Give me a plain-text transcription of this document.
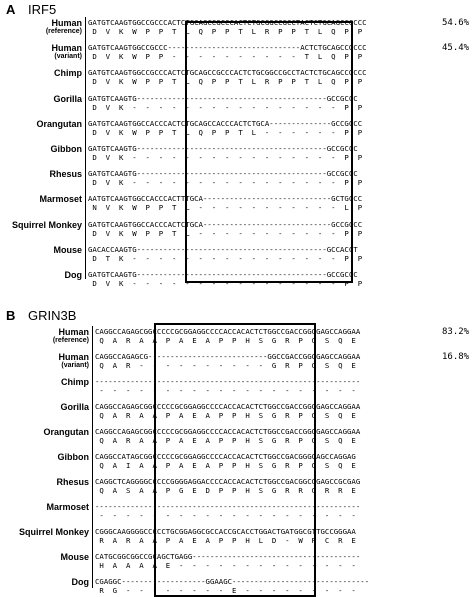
A IRF5
Human
(reference)
GATGTCAAGTGGCCGCCCACTCTGCAGCCGCCCACTCTGCGGCCGCCTACTCTGCAGCCGCCC
D  V  K  W  P  P  T  L  Q  P  P  T  L  R  P  P  T  L  Q  P  P
54.6%
Human
(variant)
GATGTCAAGTGGCCGCCC------------------------------ACTCTGCAGCCGCCC
D  V  K  W  P  P  -  -  -  -  -  -  -  -  -  -  T  L  Q  P  P
45.4%
Chimp GATGTCAAGTGGCCGCCCACTCTGCAGCCGCCCACTCTGCGGCCGCCTACTCTGCAGCCGCCC
D  V  K  W  P  P  T  L  Q  P  P  T  L  R  P  P  T  L  Q  P  P
Gorilla GATGTCAAGTG-------------------------------------------GCCGCCC
D  V  K  -  -  -  -  -  -  -  -  -  -  -  -  -  -  -  -  P  P
Orangutan GATGTCAAGTGGCCACCCACTCTGCAGCCACCCACTCTGCA--------------GCCGCCC
D  V  K  W  P  P  T  L  Q  P  P  T  L  -  -  -  -  -  -  P  P
Gibbon GATGTCAAGTG-------------------------------------------GCCGCCC
D  V  K  -  -  -  -  -  -  -  -  -  -  -  -  -  -  -  -  P  P
Rhesus GATGTCAAGTG-------------------------------------------GCCGCCC
D  V  K  -  -  -  -  -  -  -  -  -  -  -  -  -  -  -  -  P  P
Marmoset AATGTCAAGTGGCCACCCACTTTGCA-----------------------------GCTGCCC
N  V  K  W  P  P  T  L  -  -  -  -  -  -  -  -  -  -  -  L  P
Squirrel Monkey GATGTCAAGTGGCCACCCACTCTGCA-----------------------------GCCGCCC
D  V  K  W  P  P  T  L  -  -  -  -  -  -  -  -  -  -  -  P  P
Mouse GACACCAAGTG-------------------------------------------GCCACCT
D  T  K  -  -  -  -  -  -  -  -  -  -  -  -  -  -  -  -  P  P
Dog GATGTCAAGTG-------------------------------------------GCCGCCC
D  V  K  -  -  -  -  -  -  -  -  -  -  -  -  -  -  -  -  P  P
B GRIN3B
Human
(reference)
CAGGCCAGAGCGGCCCCCGCGGAGGCCCCACCACACTCTGGCCGACCGGGGAGCCAGGAA
Q  A  R  A  A  P  A  E  A  P  P  H  S  G  R  P  G  S  Q  E
83.2%
Human
(variant)
CAGGCCAGAGCG---------------------------GGCCGACCGGGGAGCCAGGAA
Q  A  R  -  -  -  -  -  -  -  -  -  -  G  R  P  G  S  Q  E
16.8%
Chimp ------------------------------------------------------------
-  -  -  -  -  -  -  -  -  -  -  -  -  -  -  -  -  -  -  -
Gorilla CAGGCCAGAGCGGCCCCCGCGGAGGCCCCACCACACTCTGGCCGACCGGGGAGCCAGGAA
Q  A  R  A  A  P  A  E  A  P  P  H  S  G  R  P  G  S  Q  E
Orangutan CAGGCCAGAGCGGCCCCCGCGGAGGCCCCACCACACTCTGGCCGACCGGGGAGCCAGGAA
Q  A  R  A  A  P  A  E  A  P  P  H  S  G  R  P  G  S  Q  E
Gibbon CAGGCCATAGCGGCCCCCGCGGAGGCCCCACCACACTCTGGCCGACGGGGAGCCAGGAG
Q  A  I  A  A  P  A  E  A  P  P  H  S  G  R  P  G  S  Q  E
Rhesus CAGGCTCAGGGGCCCCCGGGGAGGACCCCACCACACTCTGGCCGACGGCGGAGCCGCGAG
Q  A  S  A  A  P  G  E  D  P  P  H  S  G  R  R  G  R  R  E
Marmoset ------------------------------------------------------------
-  -  -  -  -  -  -  -  -  -  -  -  -  -  -  -  -  -  -  -
Squirrel Monkey CGGGCAAGGGGCCCCCTGCGGAGGCGCCACCGCACCTGGACTGATGGCGTTGCCGGGAA
R  A  R  A  A  P  A  E  A  P  P  H  L  D  -  W  R  C  R  E
Mouse CATGCGGCGGCCGCAGCTGAGG--------------------------------------
H  A  A  A  A  E  -  -  -  -  -  -  -  -  -  -  -  -  -  -
Dog CGAGGC-------------------GGAAGC-------------------------------
R  G  -  -  -  -  -  -  -  -  E  -  -  -  -  -  -  -  -  -
